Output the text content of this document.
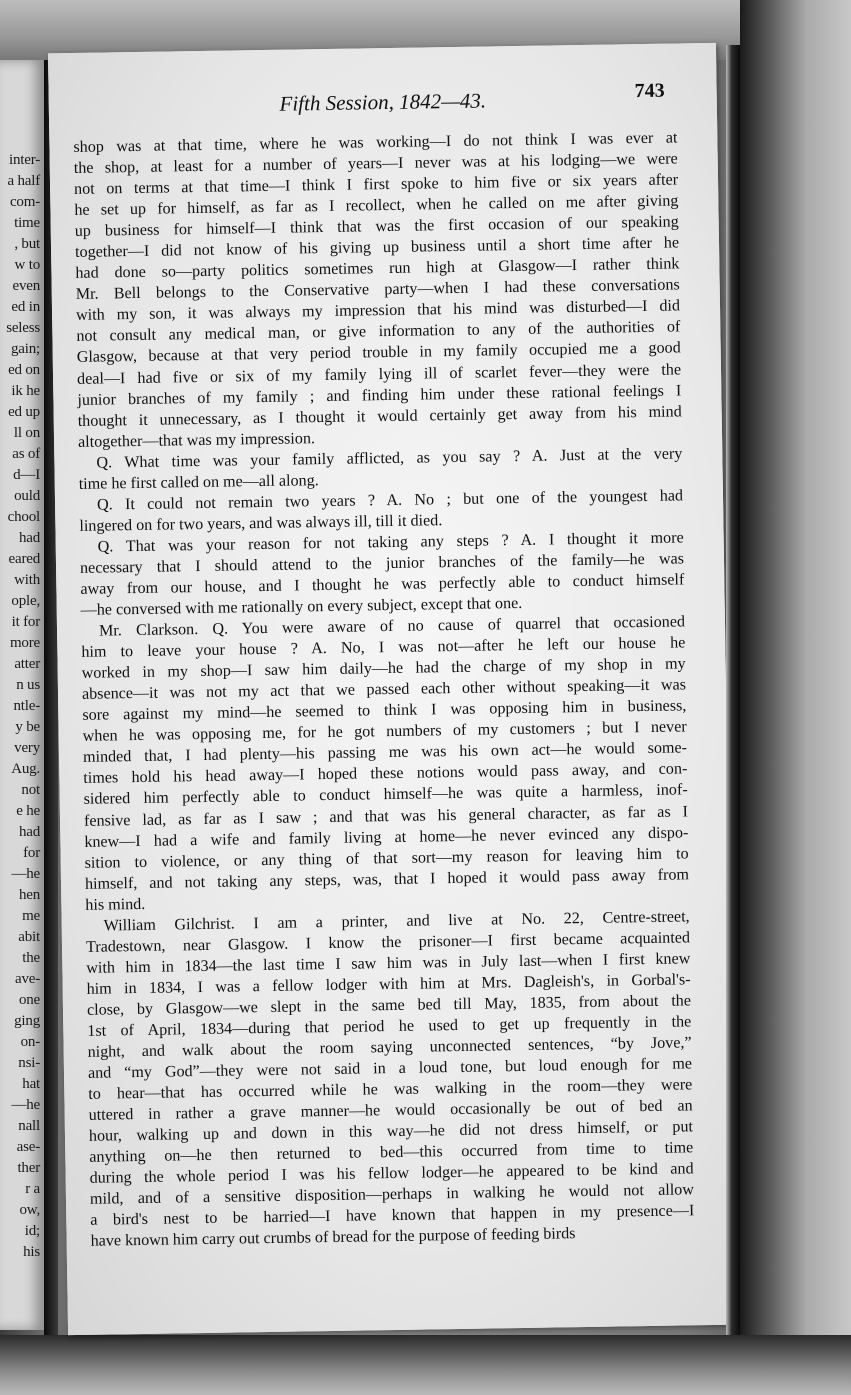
inter-
a half
com-
time
, but
w to
even
ed in
seless
gain;
ed on
ik he
ed up
ll on
as of
d—I
ould
chool
had
eared
with
ople,
it for
more
atter
n us
ntle-
y be
very
Aug.
not
e he
had
for
—he
hen
me
abit
the
ave-
one
ging
on-
nsi-
hat
—he
nall
ase-
ther
r a
ow,
id;
his
Fifth Session, 1842—43.	743
shop was at that time, where he was working—I do not think I was ever at
the shop, at least for a number of years—I never was at his lodging—we were
not on terms at that time—I think I first spoke to him five or six years after
he set up for himself, as far as I recollect, when he called on me after giving
up business for himself—I think that was the first occasion of our speaking
together—I did not know of his giving up business until a short time after he
had done so—party politics sometimes run high at Glasgow—I rather think
Mr. Bell belongs to the Conservative party—when I had these conversations
with my son, it was always my impression that his mind was disturbed—I did
not consult any medical man, or give information to any of the authorities of
Glasgow, because at that very period trouble in my family occupied me a good
deal—I had five or six of my family lying ill of scarlet fever—they were the
junior branches of my family ; and finding him under these rational feelings I
thought it unnecessary, as I thought it would certainly get away from his mind
altogether—that was my impression.
Q. What time was your family afflicted, as you say ? A. Just at the very
time he first called on me—all along.
Q. It could not remain two years ? A. No ; but one of the youngest had
lingered on for two years, and was always ill, till it died.
Q. That was your reason for not taking any steps ? A. I thought it more
necessary that I should attend to the junior branches of the family—he was
away from our house, and I thought he was perfectly able to conduct himself
—he conversed with me rationally on every subject, except that one.
Mr. Clarkson. Q. You were aware of no cause of quarrel that occasioned
him to leave your house ? A. No, I was not—after he left our house he
worked in my shop—I saw him daily—he had the charge of my shop in my
absence—it was not my act that we passed each other without speaking—it was
sore against my mind—he seemed to think I was opposing him in business,
when he was opposing me, for he got numbers of my customers ; but I never
minded that, I had plenty—his passing me was his own act—he would some-
times hold his head away—I hoped these notions would pass away, and con-
sidered him perfectly able to conduct himself—he was quite a harmless, inof-
fensive lad, as far as I saw ; and that was his general character, as far as I
knew—I had a wife and family living at home—he never evinced any dispo-
sition to violence, or any thing of that sort—my reason for leaving him to
himself, and not taking any steps, was, that I hoped it would pass away from
his mind.
William Gilchrist. I am a printer, and live at No. 22, Centre-street,
Tradestown, near Glasgow. I know the prisoner—I first became acquainted
with him in 1834—the last time I saw him was in July last—when I first knew
him in 1834, I was a fellow lodger with him at Mrs. Dagleish's, in Gorbal's-
close, by Glasgow—we slept in the same bed till May, 1835, from about the
1st of April, 1834—during that period he used to get up frequently in the
night, and walk about the room saying unconnected sentences, “by Jove,”
and “my God”—they were not said in a loud tone, but loud enough for me
to hear—that has occurred while he was walking in the room—they were
uttered in rather a grave manner—he would occasionally be out of bed an
hour, walking up and down in this way—he did not dress himself, or put
anything on—he then returned to bed—this occurred from time to time
during the whole period I was his fellow lodger—he appeared to be kind and
mild, and of a sensitive disposition—perhaps in walking he would not allow
a bird's nest to be harried—I have known that happen in my presence—I
have known him carry out crumbs of bread for the purpose of feeding birds
